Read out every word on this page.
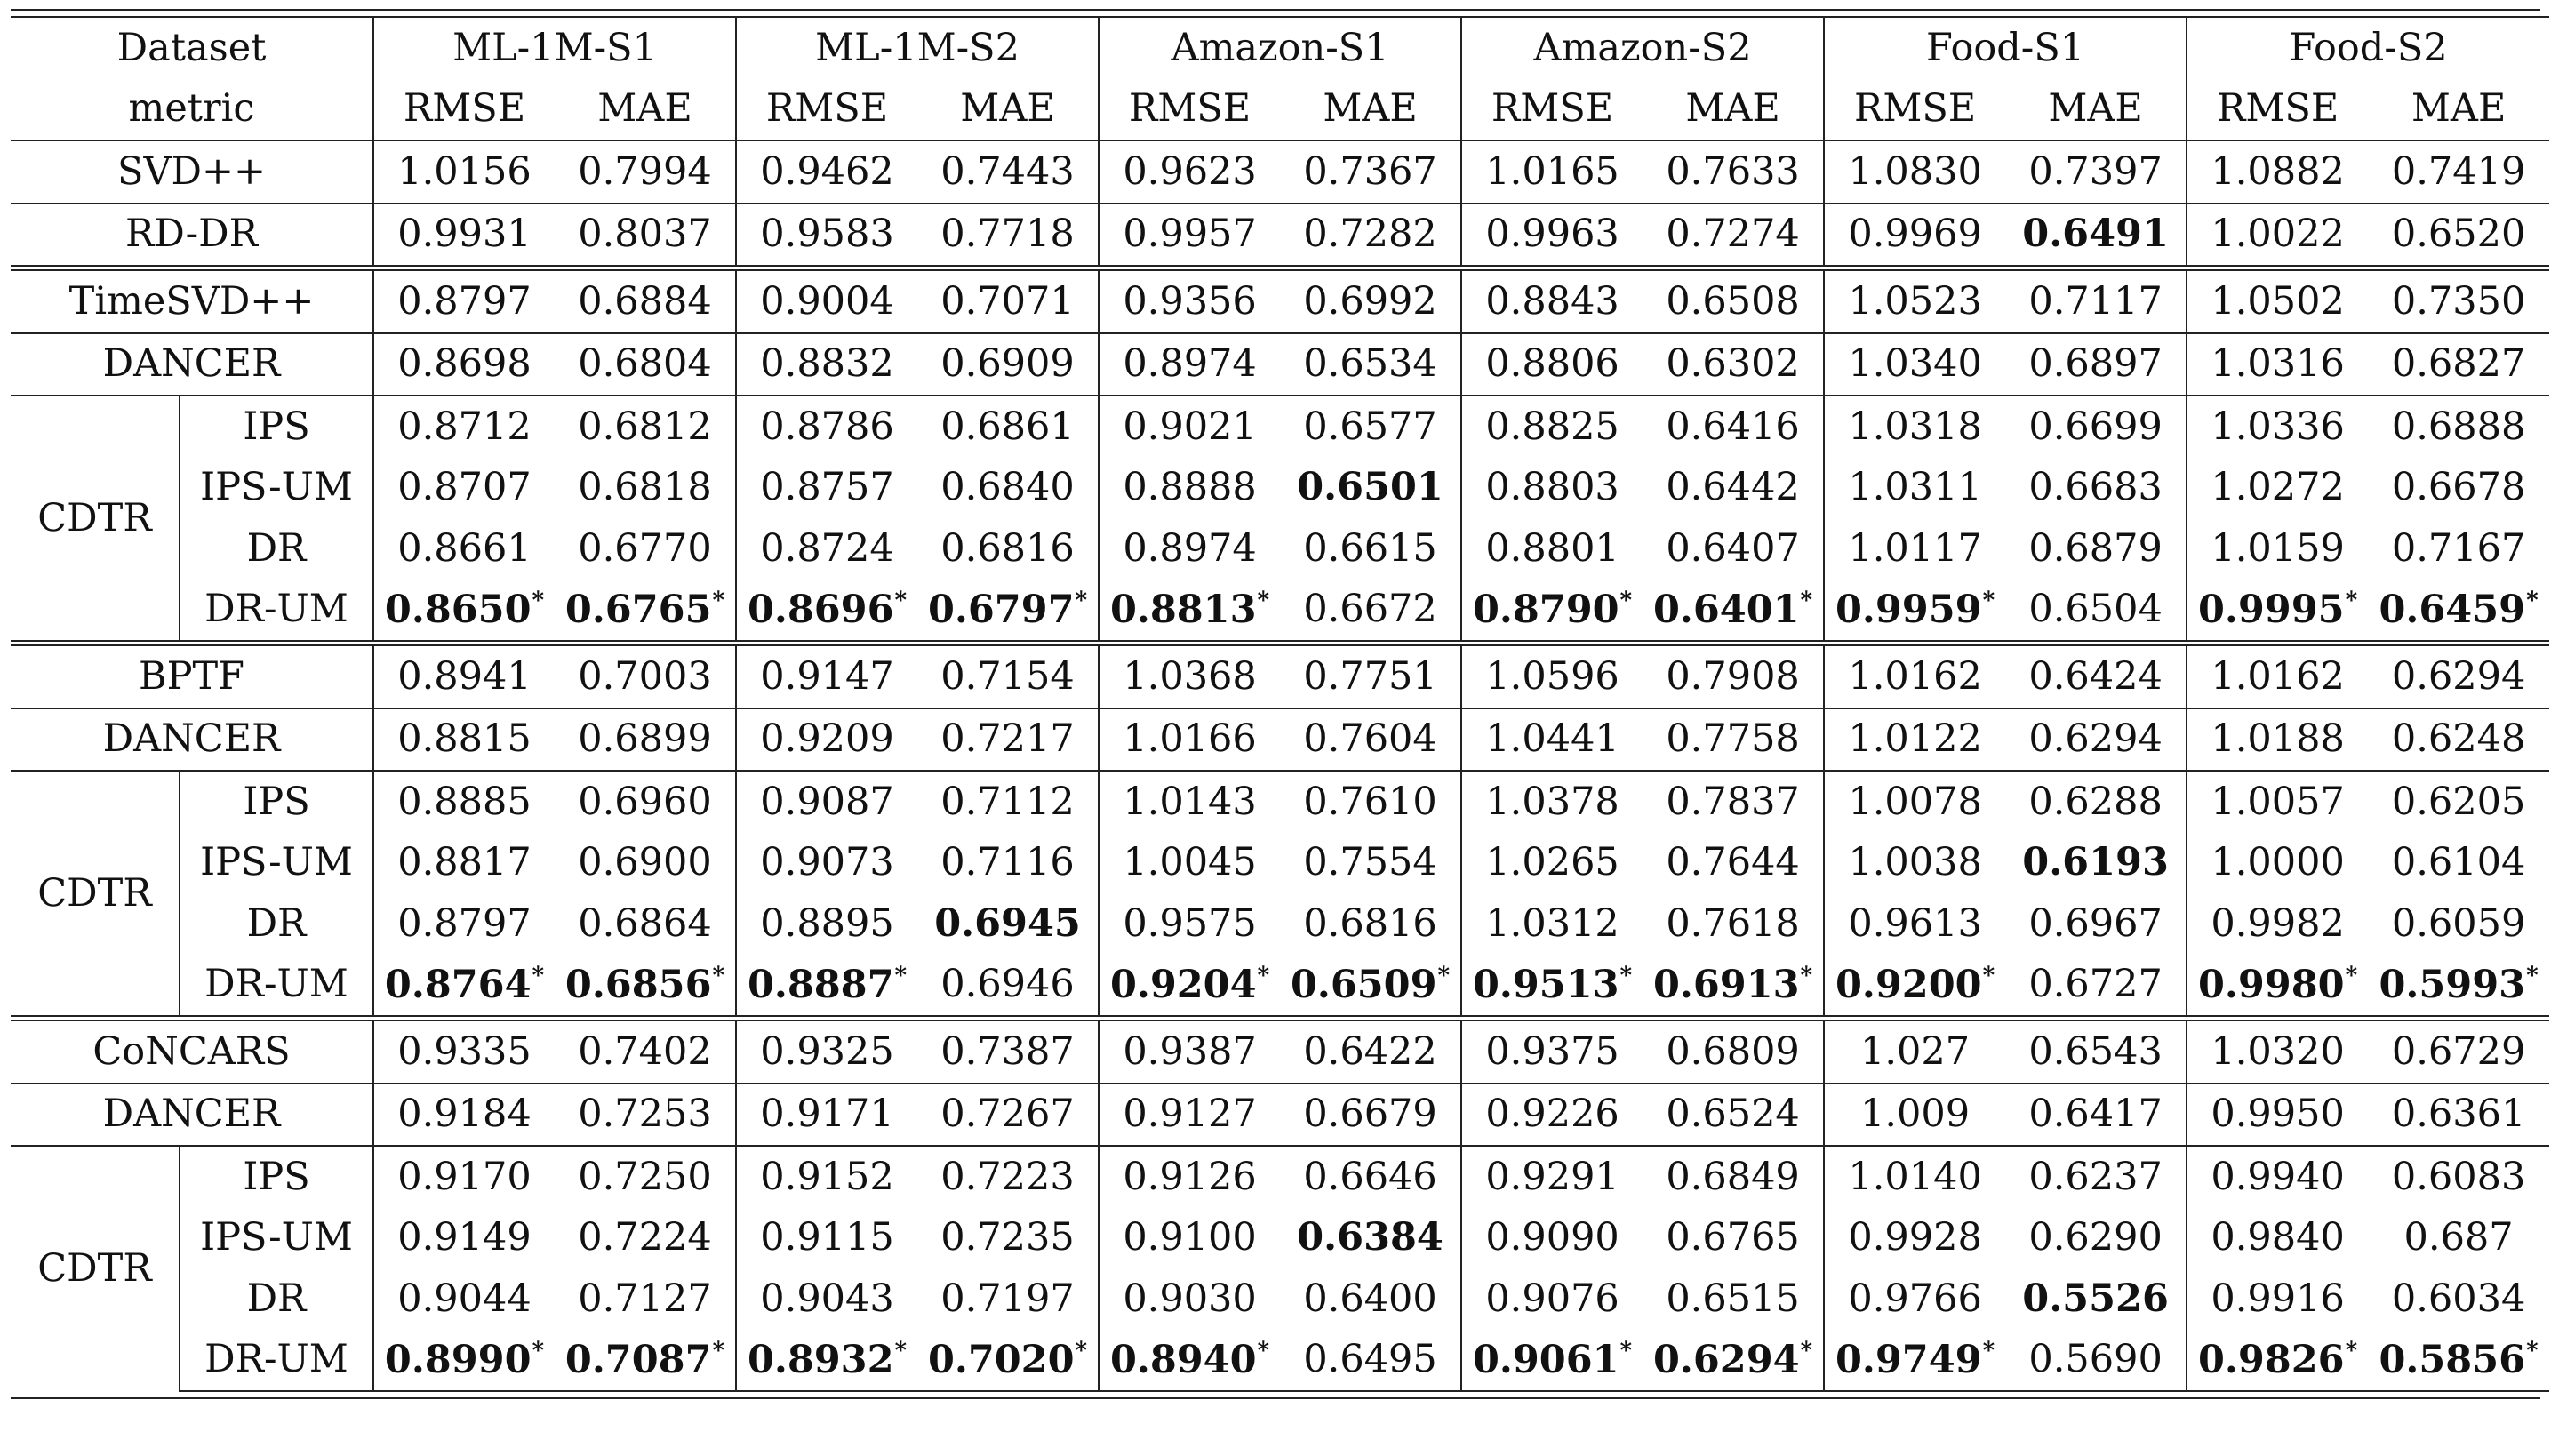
Dataset		ML-1M-S1		ML-1M-S2		Amazon-S1		Amazon-S2		Food-S1		Food-S2	
metric		RMSE	MAE	RMSE	MAE	RMSE	MAE	RMSE	MAE	RMSE	MAE	RMSE	MAE
SVD++		1.0156	0.7994	0.9462	0.7443	0.9623	0.7367	1.0165	0.7633	1.0830	0.7397	1.0882	0.7419
RD-DR		0.9931	0.8037	0.9583	0.7718	0.9957	0.7282	0.9963	0.7274	0.9969	0.6491	1.0022	0.6520
TimeSVD++		0.8797	0.6884	0.9004	0.7071	0.9356	0.6992	0.8843	0.6508	1.0523	0.7117	1.0502	0.7350
DANCER		0.8698	0.6804	0.8832	0.6909	0.8974	0.6534	0.8806	0.6302	1.0340	0.6897	1.0316	0.6827
CDTR	IPS	0.8712	0.6812	0.8786	0.6861	0.9021	0.6577	0.8825	0.6416	1.0318	0.6699	1.0336	0.6888
	IPS-UM	0.8707	0.6818	0.8757	0.6840	0.8888	0.6501	0.8803	0.6442	1.0311	0.6683	1.0272	0.6678
	DR	0.8661	0.6770	0.8724	0.6816	0.8974	0.6615	0.8801	0.6407	1.0117	0.6879	1.0159	0.7167
	DR-UM	0.8650*	0.6765*	0.8696*	0.6797*	0.8813*	0.6672	0.8790*	0.6401*	0.9959*	0.6504	0.9995*	0.6459*
BPTF		0.8941	0.7003	0.9147	0.7154	1.0368	0.7751	1.0596	0.7908	1.0162	0.6424	1.0162	0.6294
DANCER		0.8815	0.6899	0.9209	0.7217	1.0166	0.7604	1.0441	0.7758	1.0122	0.6294	1.0188	0.6248
CDTR	IPS	0.8885	0.6960	0.9087	0.7112	1.0143	0.7610	1.0378	0.7837	1.0078	0.6288	1.0057	0.6205
	IPS-UM	0.8817	0.6900	0.9073	0.7116	1.0045	0.7554	1.0265	0.7644	1.0038	0.6193	1.0000	0.6104
	DR	0.8797	0.6864	0.8895	0.6945	0.9575	0.6816	1.0312	0.7618	0.9613	0.6967	0.9982	0.6059
	DR-UM	0.8764*	0.6856*	0.8887*	0.6946	0.9204*	0.6509*	0.9513*	0.6913*	0.9200*	0.6727	0.9980*	0.5993*
CoNCARS		0.9335	0.7402	0.9325	0.7387	0.9387	0.6422	0.9375	0.6809	1.027	0.6543	1.0320	0.6729
DANCER		0.9184	0.7253	0.9171	0.7267	0.9127	0.6679	0.9226	0.6524	1.009	0.6417	0.9950	0.6361
CDTR	IPS	0.9170	0.7250	0.9152	0.7223	0.9126	0.6646	0.9291	0.6849	1.0140	0.6237	0.9940	0.6083
	IPS-UM	0.9149	0.7224	0.9115	0.7235	0.9100	0.6384	0.9090	0.6765	0.9928	0.6290	0.9840	0.687
	DR	0.9044	0.7127	0.9043	0.7197	0.9030	0.6400	0.9076	0.6515	0.9766	0.5526	0.9916	0.6034
	DR-UM	0.8990*	0.7087*	0.8932*	0.7020*	0.8940*	0.6495	0.9061*	0.6294*	0.9749*	0.5690	0.9826*	0.5856*
